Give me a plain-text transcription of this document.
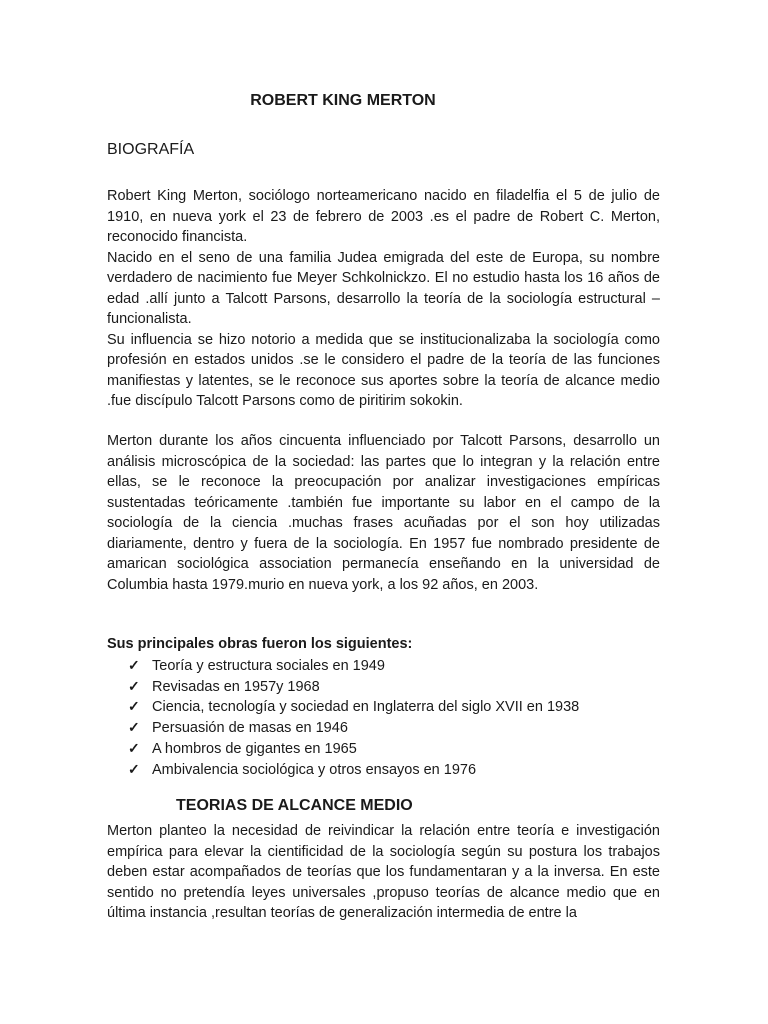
ROBERT KING MERTON
BIOGRAFÍA

Robert King Merton, sociólogo norteamericano nacido en filadelfia el 5 de julio de 1910, en nueva york el 23 de febrero de 2003 .es el padre de Robert C. Merton, reconocido financista.

Nacido en el seno de una familia Judea emigrada del este de Europa, su nombre verdadero de nacimiento fue Meyer Schkolnickzo. El no estudio hasta los 16 años de edad .allí junto a Talcott Parsons, desarrollo la teoría de la sociología estructural – funcionalista.

Su influencia se hizo notorio a medida que se institucionalizaba la sociología como profesión en estados unidos .se le considero el padre de la teoría de las funciones manifiestas y latentes, se le reconoce sus aportes sobre la teoría de alcance medio .fue discípulo Talcott Parsons como de piritirim sokokin.

Merton durante los años cincuenta influenciado por Talcott Parsons, desarrollo un análisis microscópica de la sociedad: las partes que lo integran y la relación entre ellas, se le reconoce la preocupación por analizar investigaciones empíricas sustentadas teóricamente .también fue importante su labor en el campo de la sociología de la ciencia .muchas frases acuñadas por el son hoy utilizadas diariamente, dentro y fuera de la sociología. En 1957 fue nombrado presidente de amarican sociológica association permanecía enseñando en la universidad de Columbia hasta 1979.murio en nueva york, a los 92 años, en 2003.

Sus principales obras fueron los siguientes:
✓ Teoría y estructura sociales en 1949
✓ Revisadas en 1957y 1968
✓ Ciencia, tecnología y sociedad en Inglaterra del siglo XVII en 1938
✓ Persuasión de masas en 1946
✓ A hombros de gigantes en 1965
✓ Ambivalencia sociológica y otros ensayos en 1976
TEORIAS DE ALCANCE MEDIO

Merton planteo la necesidad de reivindicar la relación entre teoría e investigación empírica para elevar la cientificidad de la sociología según su postura los trabajos deben estar acompañados de teorías que los fundamentaran y a la inversa. En este sentido no pretendía leyes universales ,propuso teorías de alcance medio que en última instancia ,resultan teorías de generalización intermedia de entre la
